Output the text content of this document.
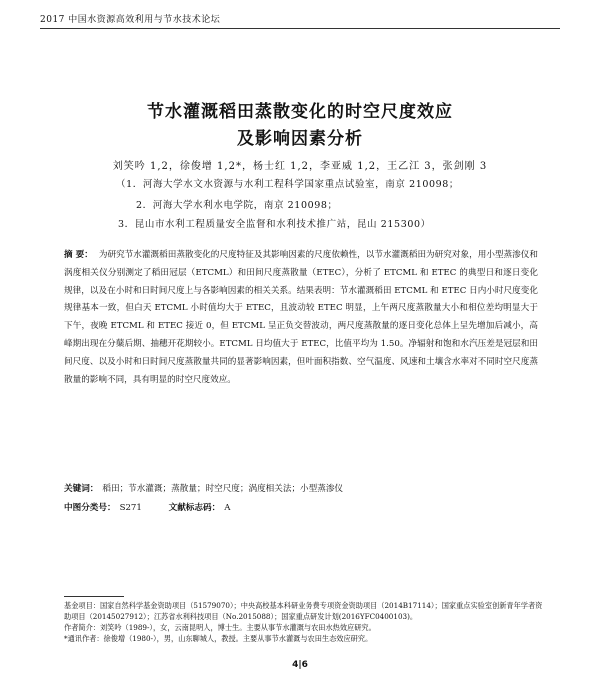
2017 中国水资源高效利用与节水技术论坛
节水灌溉稻田蒸散变化的时空尺度效应
及影响因素分析
刘笑吟 1,2，徐俊增 1,2*，杨士红 1,2，李亚威 1,2，王乙江 3，张剑刚 3
（1．河海大学水文水资源与水利工程科学国家重点试验室，南京 210098；
2．河海大学水利水电学院，南京 210098；
3．昆山市水利工程质量安全监督和水利技术推广站，昆山 215300）
摘 要： 为研究节水灌溉稻田蒸散变化的尺度特征及其影响因素的尺度依赖性，以节水灌溉稻田为研究对象，用小型蒸渗仪和涡度相关仪分别测定了稻田冠层（ETCML）和田间尺度蒸散量（ETEC），分析了 ETCML 和 ETEC 的典型日和逐日变化规律，以及在小时和日时间尺度上与各影响因素的相关关系。结果表明：节水灌溉稻田 ETCML 和 ETEC 日内小时尺度变化规律基本一致，但白天 ETCML 小时值均大于 ETEC，且波动较 ETEC 明显，上午两尺度蒸散量大小和相位差均明显大于下午，夜晚 ETCML 和 ETEC 接近 0，但 ETCML 呈正负交替波动，两尺度蒸散量的逐日变化总体上呈先增加后减小，高峰期出现在分蘖后期、抽穗开花期较小。ETCML 日均值大于 ETEC，比值平均为 1.50。净辐射和饱和水汽压差是冠层和田间尺度、以及小时和日时间尺度蒸散量共同的显著影响因素，但叶面积指数、空气温度、风速和土壤含水率对不同时空尺度蒸散量的影响不同，具有明显的时空尺度效应。
关键词： 稻田；节水灌溉；蒸散量；时空尺度；涡度相关法；小型蒸渗仪
中图分类号： S271	文献标志码： A
基金项目：国家自然科学基金资助项目（51579070）；中央高校基本科研业务费专项资金资助项目（2014B17114）；国家重点实验室创新青年学者资助项目（20145027912）；江苏省水利科技项目（No.2015088）；国家重点研发计划(2016YFC0400103)。
作者简介：刘笑吟（1989-），女，云南昆明人，博士生。主要从事节水灌溉与农田水热效应研究。
*通讯作者：徐俊增（1980-），男，山东聊城人，教授。主要从事节水灌溉与农田生态效应研究。
4|6
